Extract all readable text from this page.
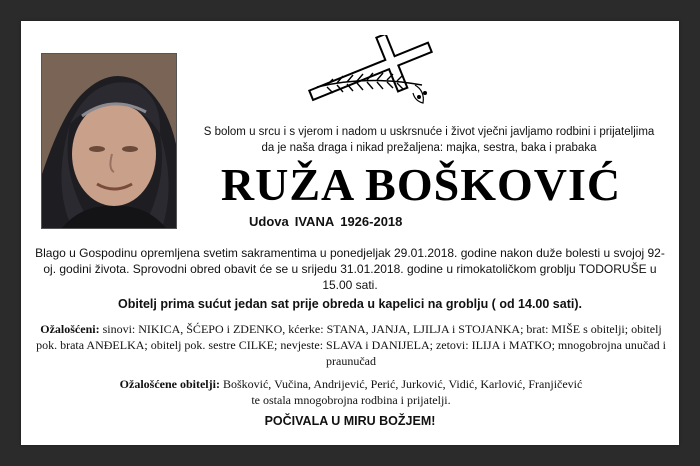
S bolom u srcu i s vjerom i nadom u uskrsnuće i život vječni javljamo rodbini i prijateljima da je naša draga i nikad prežaljena: majka, sestra, baka i prabaka
RUŽA BOŠKOVIĆ
Udova IVANA 1926-2018
Blago u Gospodinu opremljena svetim sakramentima u ponedjeljak 29.01.2018. godine nakon duže bolesti u svojoj 92-oj. godini života. Sprovodni obred obavit će se u srijedu 31.01.2018. godine u rimokatoličkom groblju TODORUŠE u 15.00 sati.
Obitelj prima sućut jedan sat prije obreda u kapelici na groblju ( od 14.00 sati).
Ožalošćeni: sinovi: NIKICA, ŠĆEPO i ZDENKO, kćerke: STANA, JANJA, LJILJA i STOJANKA; brat: MIŠE s obitelji; obitelj pok. brata ANĐELKA; obitelj pok. sestre CILKE; nevjeste: SLAVA i DANIJELA; zetovi: ILIJA i MATKO; mnogobrojna unučad i praunučad
Ožalošćene obitelji: Bošković, Vučina, Andrijević, Perić, Jurković, Vidić, Karlović, Franjičević
te ostala mnogobrojna rodbina i prijatelji.
POČIVALA U MIRU BOŽJEM!
